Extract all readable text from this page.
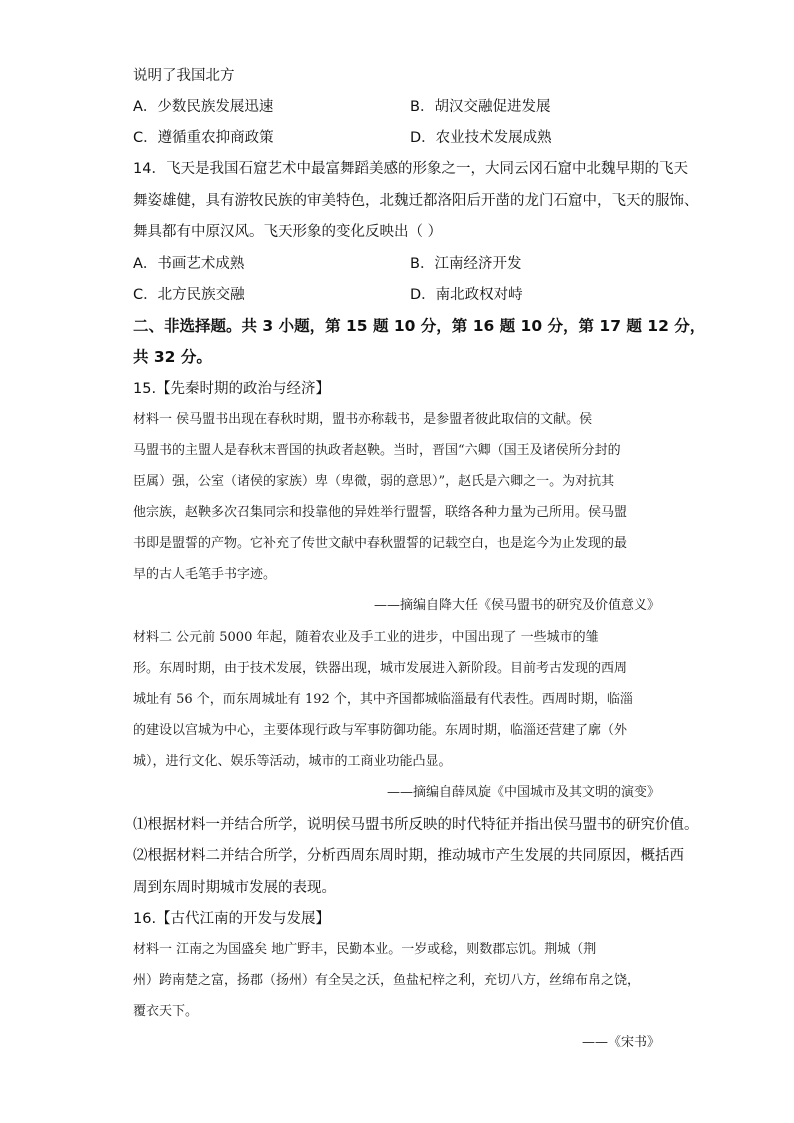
说明了我国北方
A．少数民族发展迅速	B．胡汉交融促进发展
C．遵循重农抑商政策	D．农业技术发展成熟
14．飞天是我国石窟艺术中最富舞蹈美感的形象之一，大同云冈石窟中北魏早期的飞天
舞姿雄健，具有游牧民族的审美特色，北魏迁都洛阳后开凿的龙门石窟中，飞天的服饰、
舞具都有中原汉风。飞天形象的变化反映出（ ）
A．书画艺术成熟	B．江南经济开发
C．北方民族交融	D．南北政权对峙
二、非选择题。共 3 小题，第 15 题 10 分，第 16 题 10 分，第 17 题 12 分，
共 32 分。
15.【先秦时期的政治与经济】
材料一 侯马盟书出现在春秋时期，盟书亦称载书，是参盟者彼此取信的文献。侯
马盟书的主盟人是春秋末晋国的执政者赵鞅。当时，晋国“六卿（国王及诸侯所分封的
臣属）强，公室（诸侯的家族）卑（卑微，弱的意思）”，赵氏是六卿之一。为对抗其
他宗族，赵鞅多次召集同宗和投靠他的异姓举行盟誓，联络各种力量为己所用。侯马盟
书即是盟誓的产物。它补充了传世文献中春秋盟誓的记载空白，也是迄今为止发现的最
早的古人毛笔手书字迹。
——摘编自降大任《侯马盟书的研究及价值意义》
材料二 公元前 5000 年起，随着农业及手工业的进步，中国出现了 一些城市的雏
形。东周时期，由于技术发展，铁器出现，城市发展进入新阶段。目前考古发现的西周
城址有 56 个，而东周城址有 192 个，其中齐国都城临淄最有代表性。西周时期，临淄
的建设以宫城为中心，主要体现行政与军事防御功能。东周时期，临淄还营建了廓（外
城），进行文化、娱乐等活动，城市的工商业功能凸显。
——摘编自薛凤旋《中国城市及其文明的演变》
⑴根据材料一并结合所学，说明侯马盟书所反映的时代特征并指出侯马盟书的研究价值。
⑵根据材料二并结合所学，分析西周东周时期，推动城市产生发展的共同原因，概括西
周到东周时期城市发展的表现。
16.【古代江南的开发与发展】
材料一 江南之为国盛矣 地广野丰，民勤本业。一岁或稔，则数郡忘饥。荆城（荆
州）跨南楚之富，扬郡（扬州）有全吴之沃，鱼盐杞梓之利，充切八方，丝绵布帛之饶，
覆衣天下。
——《宋书》
